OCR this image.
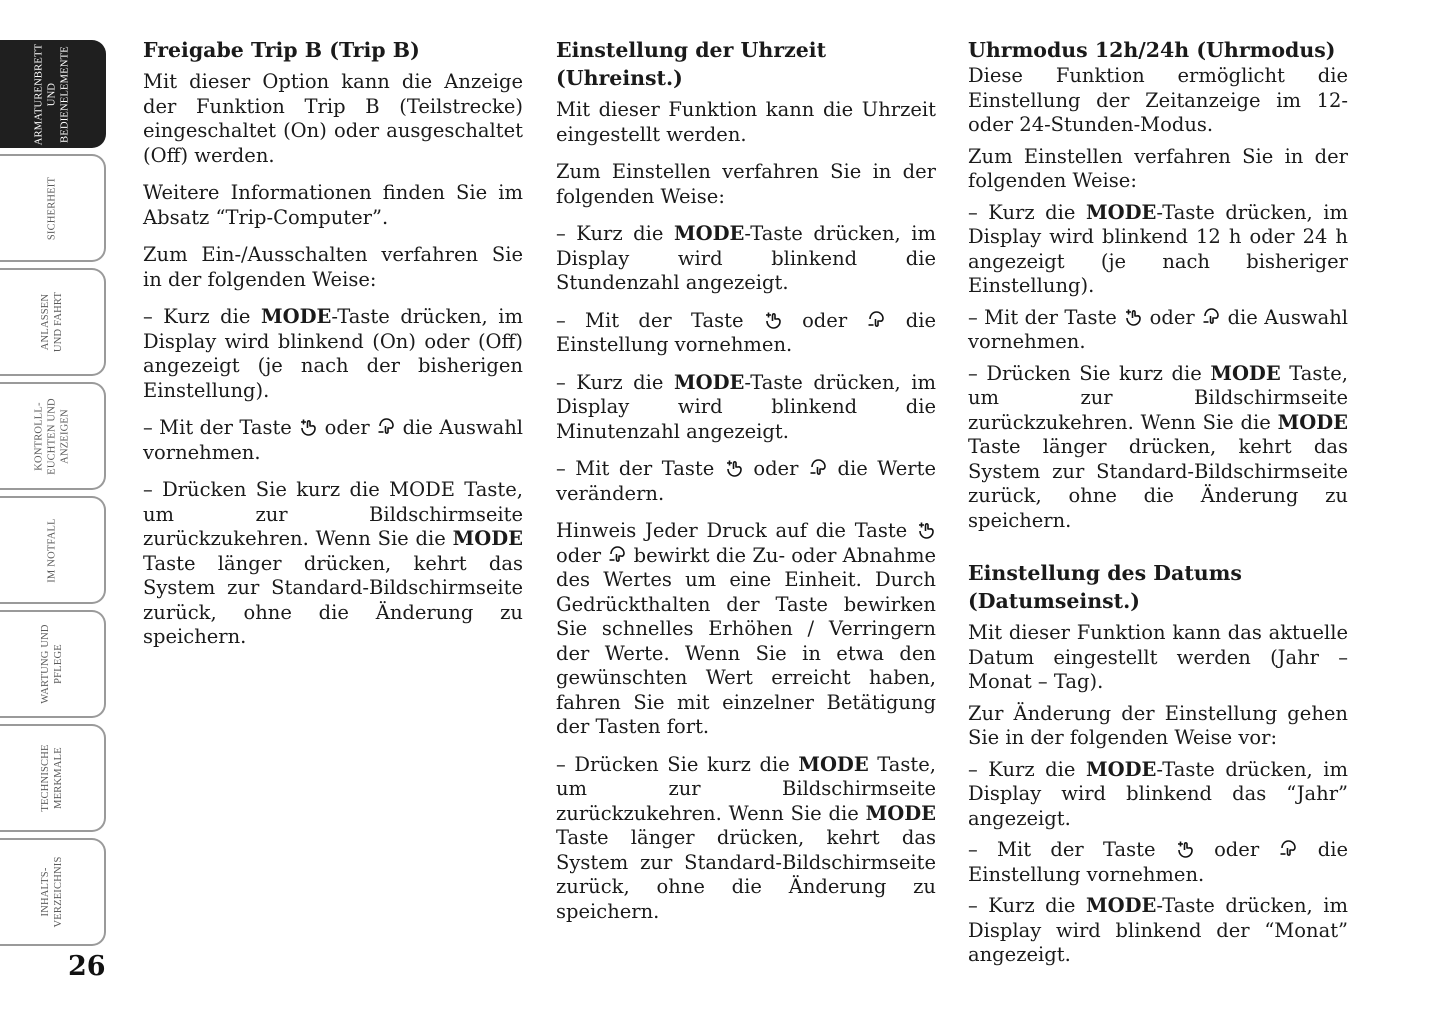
ARMATURENBRETT
UND
BEDIENELEMENTE
SICHERHEIT
ANLASSEN
UND FAHRT
KONTROLLL-
EUCHTEN UND
ANZEIGEN
IM NOTFALL
WARTUNG UND
PFLEGE
TECHNISCHE
MERKMALE
INHALTS-
VERZEICHNIS
26
Freigabe Trip B (Trip B)

Mit dieser Option kann die Anzeige der Funktion Trip B (Teilstrecke) eingeschaltet (On) oder ausgeschaltet (Off) werden.

Weitere Informationen finden Sie im Absatz “Trip-Computer”.

Zum Ein-/Ausschalten verfahren Sie in der folgenden Weise:

– Kurz die MODE-Taste drücken, im Display wird blinkend (On) oder (Off) angezeigt (je nach der bisherigen Einstellung).

– Mit der Taste  oder  die Auswahl vornehmen.

– Drücken Sie kurz die MODE Taste, um zur Bildschirmseite zurückzukehren. Wenn Sie die MODE Taste länger drücken, kehrt das System zur Standard-Bildschirmseite zurück, ohne die Änderung zu speichern.

Einstellung der Uhrzeit (Uhreinst.)

Mit dieser Funktion kann die Uhrzeit eingestellt werden.

Zum Einstellen verfahren Sie in der folgenden Weise:

– Kurz die MODE-Taste drücken, im Display wird blinkend die Stundenzahl angezeigt.

– Mit der Taste  oder  die Einstellung vornehmen.

– Kurz die MODE-Taste drücken, im Display wird blinkend die Minutenzahl angezeigt.

– Mit der Taste  oder  die Werte verändern.

Hinweis Jeder Druck auf die Taste  oder  bewirkt die Zu- oder Abnahme des Wertes um eine Einheit. Durch Gedrückthalten der Taste bewirken Sie schnelles Erhöhen / Verringern der Werte. Wenn Sie in etwa den gewünschten Wert erreicht haben, fahren Sie mit einzelner Betätigung der Tasten fort.

– Drücken Sie kurz die MODE Taste, um zur Bildschirmseite zurückzukehren. Wenn Sie die MODE Taste länger drücken, kehrt das System zur Standard-Bildschirmseite zurück, ohne die Änderung zu speichern.

Uhrmodus 12h/24h (Uhrmodus)

Diese Funktion ermöglicht die Einstellung der Zeitanzeige im 12- oder 24-Stunden-Modus.

Zum Einstellen verfahren Sie in der folgenden Weise:

– Kurz die MODE-Taste drücken, im Display wird blinkend 12 h oder 24 h angezeigt (je nach bisheriger Einstellung).

– Mit der Taste  oder  die Auswahl vornehmen.

– Drücken Sie kurz die MODE Taste, um zur Bildschirmseite zurückzukehren. Wenn Sie die MODE Taste länger drücken, kehrt das System zur Standard-Bildschirmseite zurück, ohne die Änderung zu speichern.

Einstellung des Datums (Datumseinst.)

Mit dieser Funktion kann das aktuelle Datum eingestellt werden (Jahr – Monat – Tag).

Zur Änderung der Einstellung gehen Sie in der folgenden Weise vor:

– Kurz die MODE-Taste drücken, im Display wird blinkend das “Jahr” angezeigt.

– Mit der Taste  oder  die Einstellung vornehmen.

– Kurz die MODE-Taste drücken, im Display wird blinkend der “Monat” angezeigt.
